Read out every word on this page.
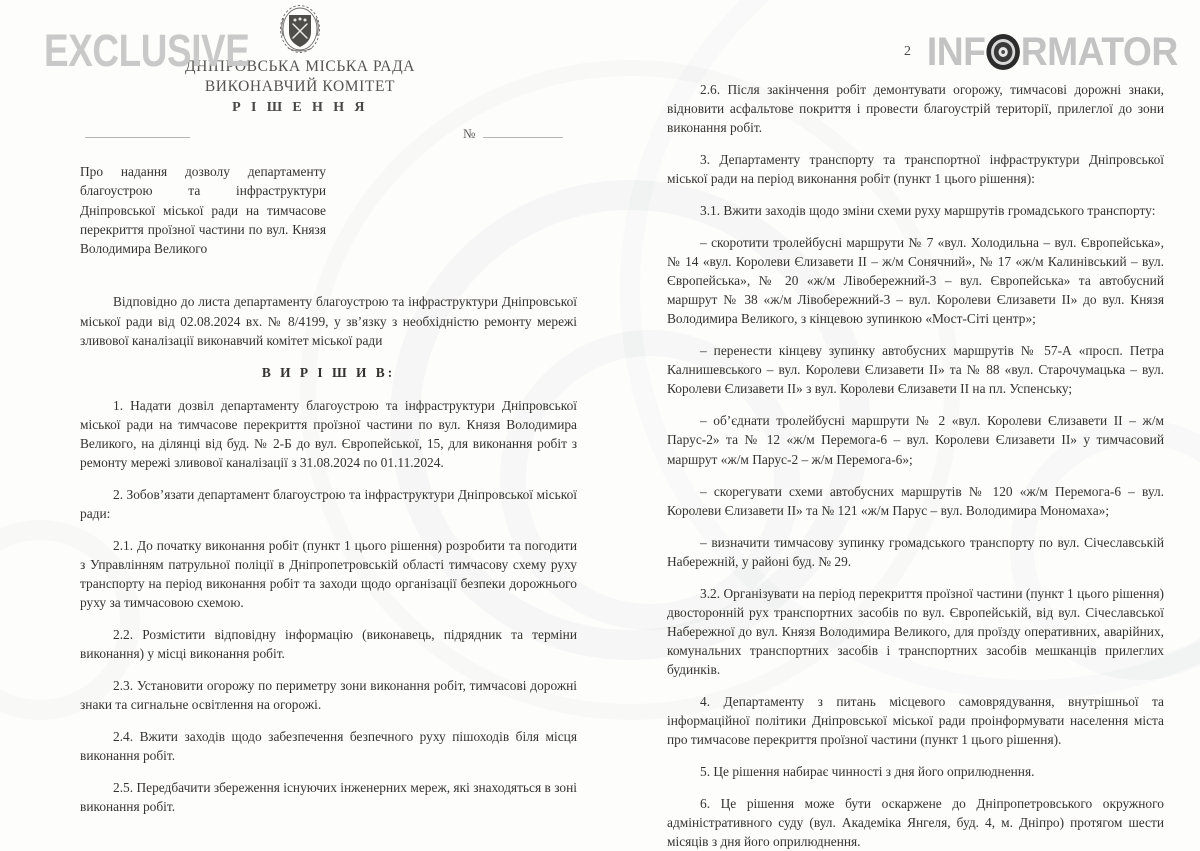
EXCLUSIVE	INF RMATOR
ДНІПРОВСЬКА МІСЬКА РАДА
ВИКОНАВЧИЙ КОМІТЕТ
Р І Ш Е Н Н Я
№
2

Про надання дозволу департаменту благоустрою та інфраструктури Дніпровської міської ради на тимчасове перекриття проїзної частини по вул. Князя Володимира Великого

Відповідно до листа департаменту благоустрою та інфраструктури Дніпровської міської ради від 02.08.2024 вх. № 8/4199, у зв’язку з необхідністю ремонту мережі зливової каналізації виконавчий комітет міської ради

В И Р І Ш И В:

1. Надати дозвіл департаменту благоустрою та інфраструктури Дніпровської міської ради на тимчасове перекриття проїзної частини по вул. Князя Володимира Великого, на ділянці від буд. № 2-Б до вул. Європейської, 15, для виконання робіт з ремонту мережі зливової каналізації з 31.08.2024 по 01.11.2024.

2. Зобов’язати департамент благоустрою та інфраструктури Дніпровської міської ради:

2.1. До початку виконання робіт (пункт 1 цього рішення) розробити та погодити з Управлінням патрульної поліції в Дніпропетровській області тимчасову схему руху транспорту на період виконання робіт та заходи щодо організації безпеки дорожнього руху за тимчасовою схемою.

2.2. Розмістити відповідну інформацію (виконавець, підрядник та терміни виконання) у місці виконання робіт.

2.3. Установити огорожу по периметру зони виконання робіт, тимчасові дорожні знаки та сигнальне освітлення на огорожі.

2.4. Вжити заходів щодо забезпечення безпечного руху пішоходів біля місця виконання робіт.

2.5. Передбачити збереження існуючих інженерних мереж, які знаходяться в зоні виконання робіт.

2.6. Після закінчення робіт демонтувати огорожу, тимчасові дорожні знаки, відновити асфальтове покриття і провести благоустрій території, прилеглої до зони виконання робіт.

3. Департаменту транспорту та транспортної інфраструктури Дніпровської міської ради на період виконання робіт (пункт 1 цього рішення):

3.1. Вжити заходів щодо зміни схеми руху маршрутів громадського транспорту:

– скоротити тролейбусні маршрути № 7 «вул. Холодильна – вул. Європейська», № 14 «вул. Королеви Єлизавети II – ж/м Сонячний», № 17 «ж/м Калинівський – вул. Європейська», № 20 «ж/м Лівобережний-3 – вул. Європейська» та автобусний маршрут № 38 «ж/м Лівобережний-3 – вул. Королеви Єлизавети II» до вул. Князя Володимира Великого, з кінцевою зупинкою «Мост-Сіті центр»;

– перенести кінцеву зупинку автобусних маршрутів № 57-А «просп. Петра Калнишевського – вул. Королеви Єлизавети II» та № 88 «вул. Старочумацька – вул. Королеви Єлизавети II» з вул. Королеви Єлизавети II на пл. Успенську;

– об’єднати тролейбусні маршрути № 2 «вул. Королеви Єлизавети II – ж/м Парус-2» та № 12 «ж/м Перемога-6 – вул. Королеви Єлизавети II» у тимчасовий маршрут «ж/м Парус-2 – ж/м Перемога-6»;

– скорегувати схеми автобусних маршрутів № 120 «ж/м Перемога-6 – вул. Королеви Єлизавети II» та № 121 «ж/м Парус – вул. Володимира Мономаха»;

– визначити тимчасову зупинку громадського транспорту по вул. Січеславській Набережній, у районі буд. № 29.

3.2. Організувати на період перекриття проїзної частини (пункт 1 цього рішення) двосторонній рух транспортних засобів по вул. Європейській, від вул. Січеславської Набережної до вул. Князя Володимира Великого, для проїзду оперативних, аварійних, комунальних транспортних засобів і транспортних засобів мешканців прилеглих будинків.

4. Департаменту з питань місцевого самоврядування, внутрішньої та інформаційної політики Дніпровської міської ради проінформувати населення міста про тимчасове перекриття проїзної частини (пункт 1 цього рішення).

5. Це рішення набирає чинності з дня його оприлюднення.

6. Це рішення може бути оскаржене до Дніпропетровського окружного адміністративного суду (вул. Академіка Янгеля, буд. 4, м. Дніпро) протягом шести місяців з дня його оприлюднення.
